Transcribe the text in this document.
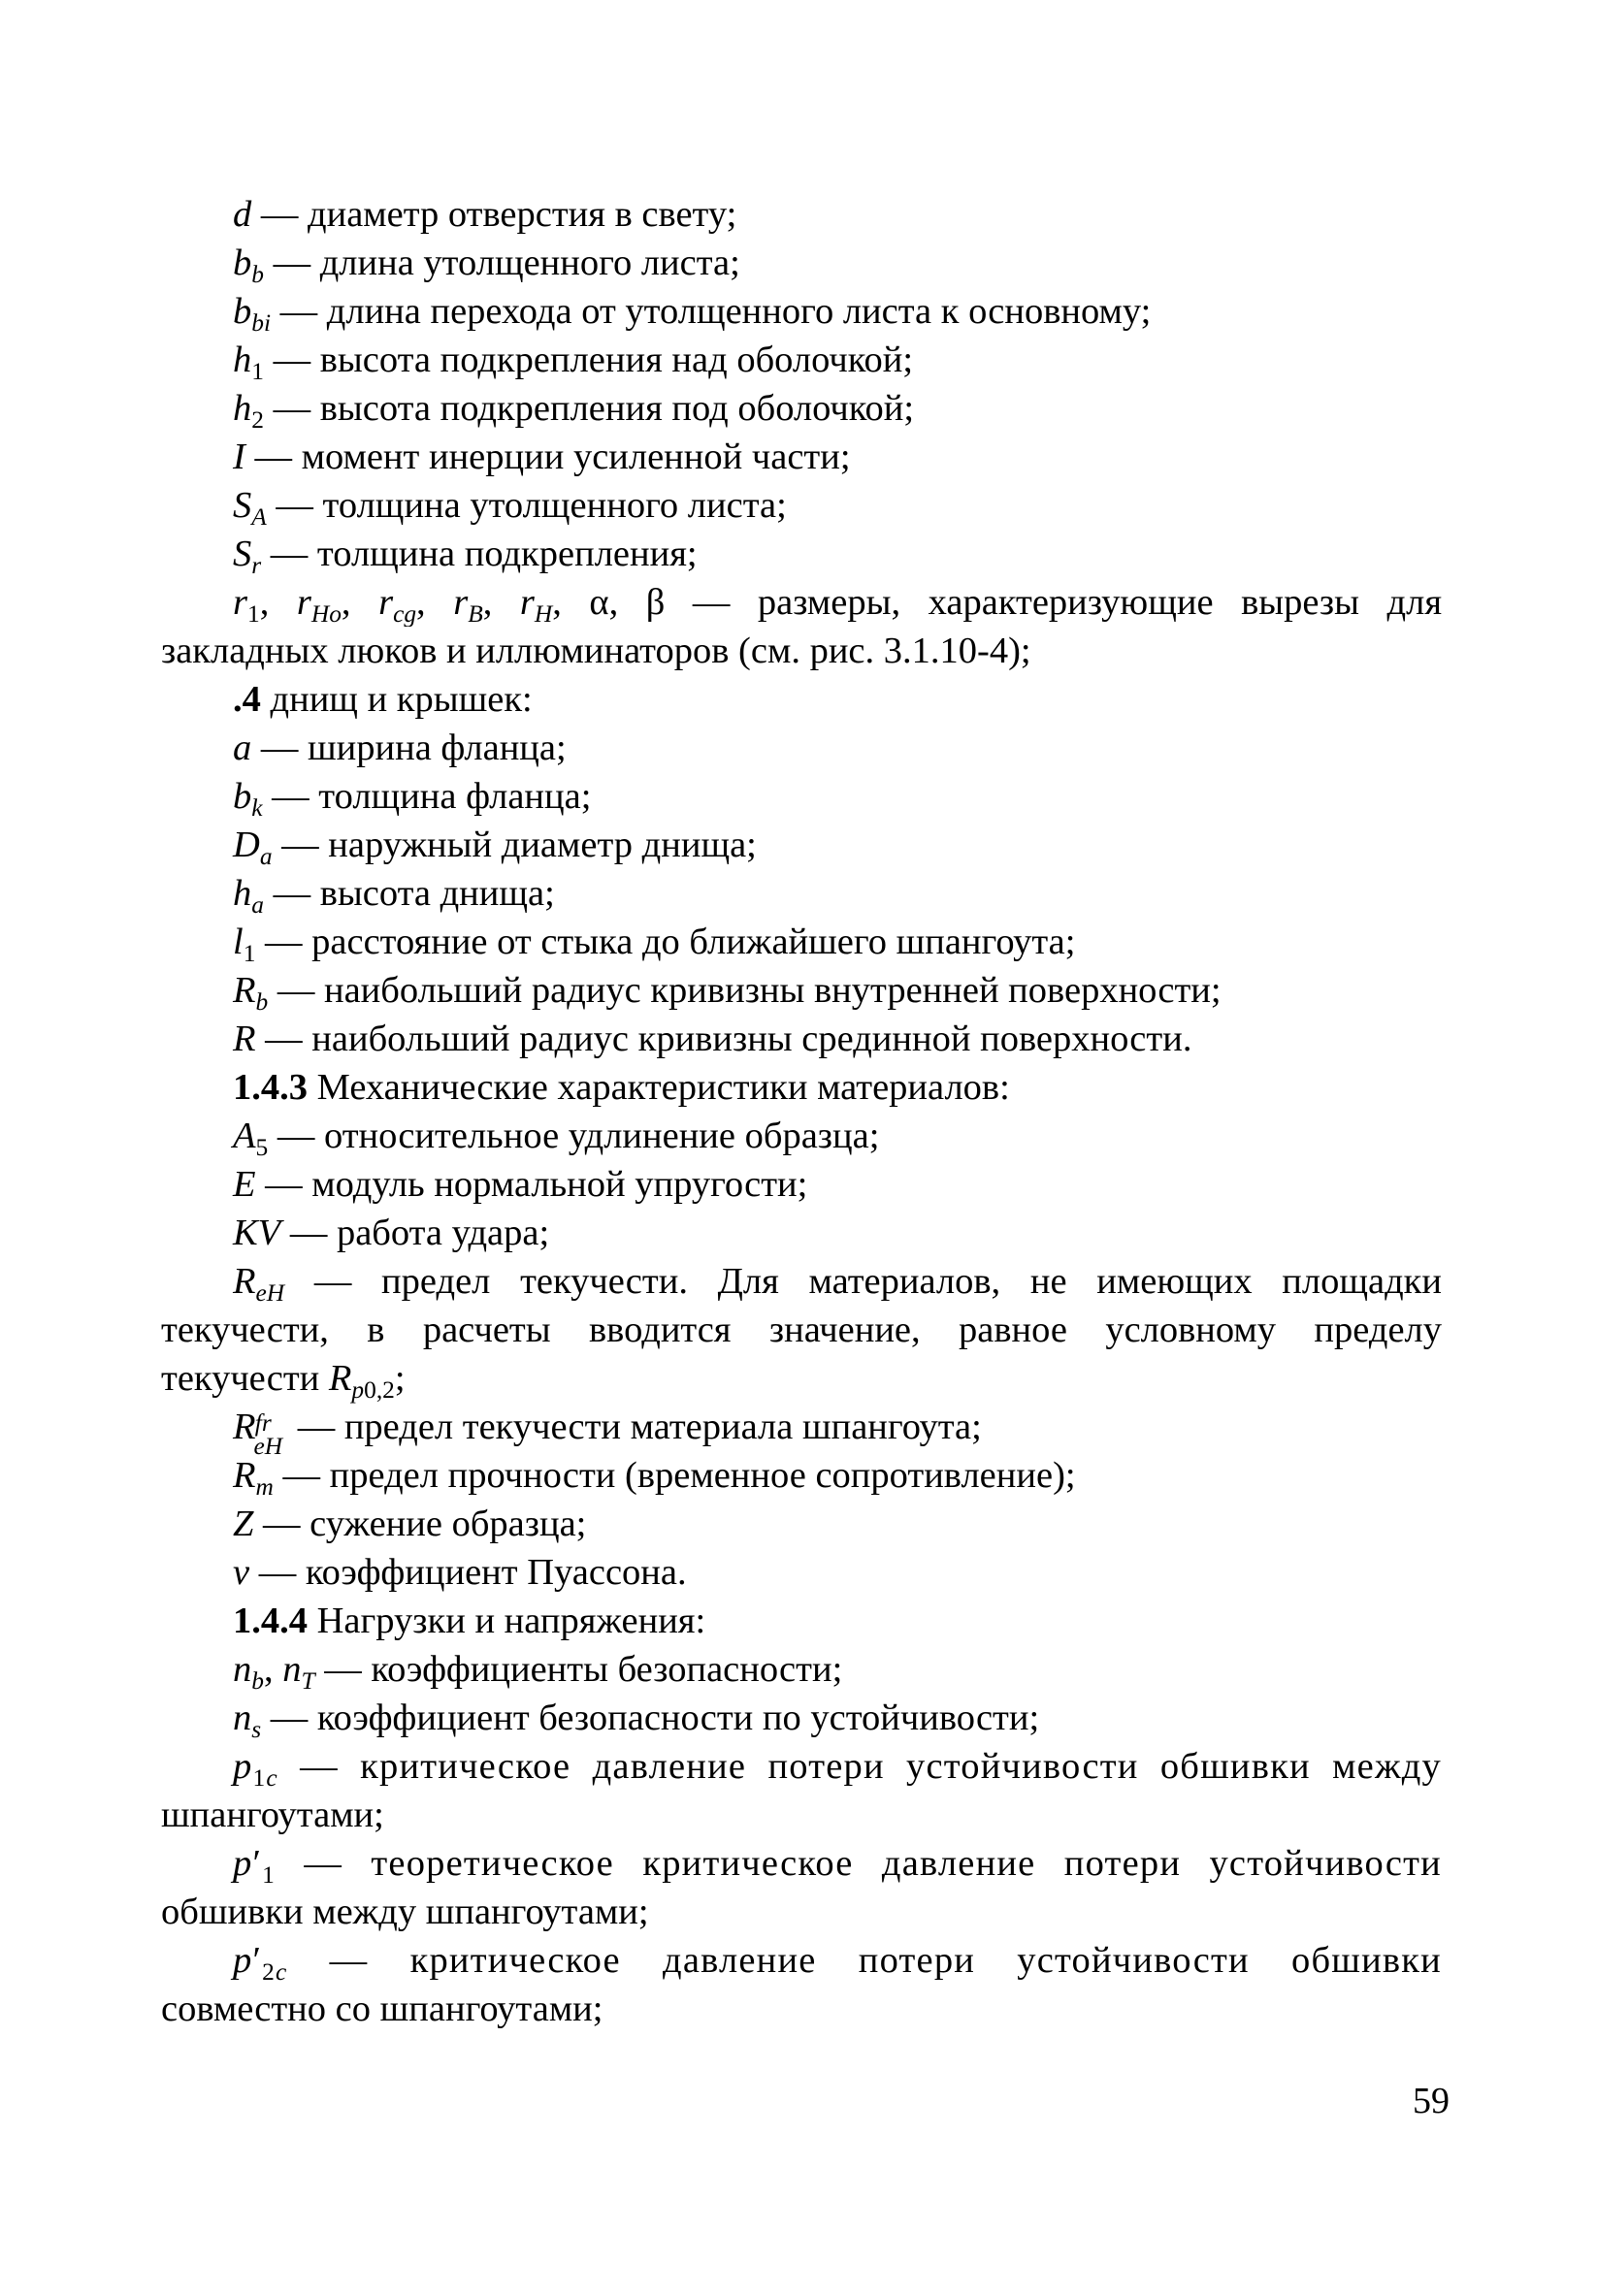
d — диаметр отверстия в свету;
$b_b$ — длина утолщенного листа;
$b_{bi}$ — длина перехода от утолщенного листа к основному;
$h_1$ — высота подкрепления над оболочкой;
$h_2$ — высота подкрепления под оболочкой;
I — момент инерции усиленной части;
$S_A$ — толщина утолщенного листа;
$S_r$ — толщина подкрепления;
$r_1$, $r_{Ho}$, $r_{cg}$, $r_B$, $r_H$, α, β — размеры, характеризующие вырезы для
закладных люков и иллюминаторов (см. рис. 3.1.10-4);
.4 днищ и крышек:
a — ширина фланца;
$b_k$ — толщина фланца;
$D_a$ — наружный диаметр днища;
$h_a$ — высота днища;
$l_1$ — расстояние от стыка до ближайшего шпангоута;
$R_b$ — наибольший радиус кривизны внутренней поверхности;
R — наибольший радиус кривизны срединной поверхности.
1.4.3 Механические характеристики материалов:
$A_5$ — относительное удлинение образца;
E — модуль нормальной упругости;
KV — работа удара;
$R_{eH}$ — предел текучести. Для материалов, не имеющих площадки
текучести, в расчеты вводится значение, равное условному пределу
текучести $R_{p0,2}$;
R fr
eH — предел текучести материала шпангоута;
$R_m$ — предел прочности (временное сопротивление);
Z — сужение образца;
ν — коэффициент Пуассона.
1.4.4 Нагрузки и напряжения:
$n_b$, $n_T$ — коэффициенты безопасности;
$n_s$ — коэффициент безопасности по устойчивости;
$p_{1c}$ — критическое давление потери устойчивости обшивки между
шпангоутами;
$p'_1$ — теоретическое критическое давление потери устойчивости
обшивки между шпангоутами;
$p'_{2c}$ — критическое давление потери устойчивости обшивки
совместно со шпангоутами;
59
